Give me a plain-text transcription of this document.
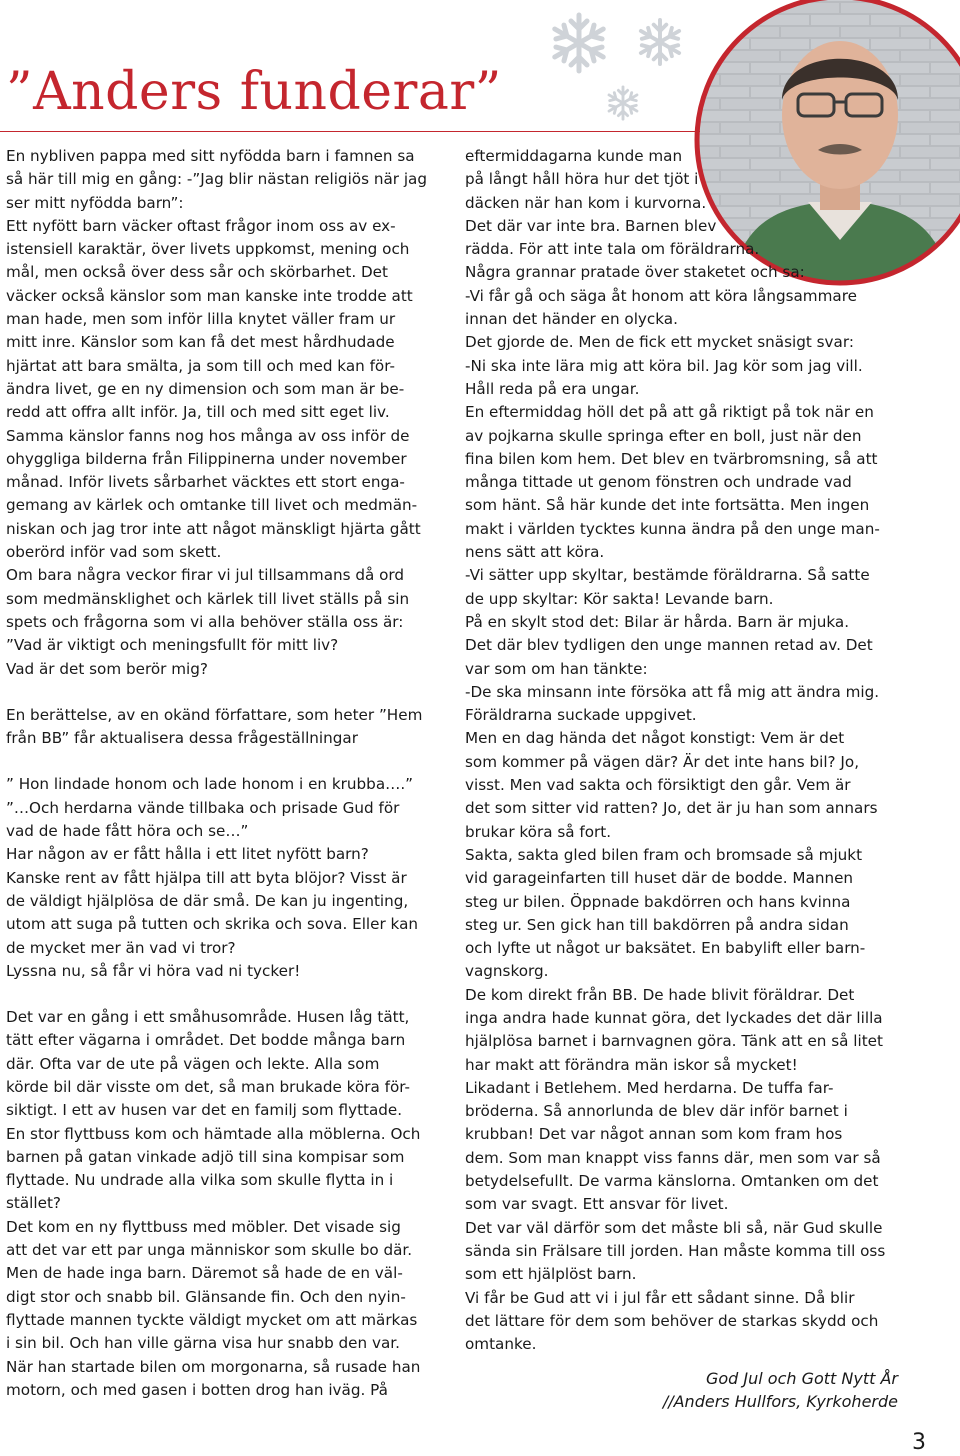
”Anders funderar”

En nybliven pappa med sitt nyfödda barn i famnen sa

så här till mig en gång: -”Jag blir nästan religiös när jag

ser mitt nyfödda barn”:

Ett nyfött barn väcker oftast frågor inom oss av ex-

istensiell karaktär, över livets uppkomst, mening och

mål, men också över dess sår och skörbarhet. Det

väcker också känslor som man kanske inte trodde att

man hade, men som inför lilla knytet väller fram ur

mitt inre. Känslor som kan få det mest hårdhudade

hjärtat att bara smälta, ja som till och med kan för-

ändra livet, ge en ny dimension och som man är be-

redd att offra allt inför. Ja, till och med sitt eget liv.

Samma känslor fanns nog hos många av oss inför de

ohyggliga bilderna från Filippinerna under november

månad. Inför livets sårbarhet väcktes ett stort enga-

gemang av kärlek och omtanke till livet och medmän-

niskan och jag tror inte att något mänskligt hjärta gått

oberörd inför vad som skett.

Om bara några veckor firar vi jul tillsammans då ord

som medmänsklighet och kärlek till livet ställs på sin

spets och frågorna som vi alla behöver ställa oss är:

”Vad är viktigt och meningsfullt för mitt liv?

Vad är det som berör mig?

En berättelse, av en okänd författare, som heter ”Hem

från BB” får aktualisera dessa frågeställningar

” Hon lindade honom och lade honom i en krubba….”

”…Och herdarna vände tillbaka och prisade Gud för

vad de hade fått höra och se…”

Har någon av er fått hålla i ett litet nyfött barn?

Kanske rent av fått hjälpa till att byta blöjor? Visst är

de väldigt hjälplösa de där små. De kan ju ingenting,

utom att suga på tutten och skrika och sova. Eller kan

de mycket mer än vad vi tror?

Lyssna nu, så får vi höra vad ni tycker!

Det var en gång i ett småhusområde. Husen låg tätt,

tätt efter vägarna i området. Det bodde många barn

där. Ofta var de ute på vägen och lekte. Alla som

körde bil där visste om det, så man brukade köra för-

siktigt. I ett av husen var det en familj som flyttade.

En stor flyttbuss kom och hämtade alla möblerna. Och

barnen på gatan vinkade adjö till sina kompisar som

flyttade. Nu undrade alla vilka som skulle flytta in i

stället?

Det kom en ny flyttbuss med möbler. Det visade sig

att det var ett par unga människor som skulle bo där.

Men de hade inga barn. Däremot så hade de en väl-

digt stor och snabb bil. Glänsande fin. Och den nyin-

flyttade mannen tyckte väldigt mycket om att märkas

i sin bil. Och han ville gärna visa hur snabb den var.

När han startade bilen om morgonarna, så rusade han

motorn, och med gasen i botten drog han iväg. På

eftermiddagarna kunde man

på långt håll höra hur det tjöt i

däcken när han kom i kurvorna.

Det där var inte bra. Barnen blev

rädda. För att inte tala om föräldrarna.

Några grannar pratade över staketet och sa:

-Vi får gå och säga åt honom att köra långsammare

innan det händer en olycka.

Det gjorde de. Men de fick ett mycket snäsigt svar:

-Ni ska inte lära mig att köra bil. Jag kör som jag vill.

Håll reda på era ungar.

En eftermiddag höll det på att gå riktigt på tok när en

av pojkarna skulle springa efter en boll, just när den

fina bilen kom hem. Det blev en tvärbromsning, så att

många tittade ut genom fönstren och undrade vad

som hänt. Så här kunde det inte fortsätta. Men ingen

makt i världen tycktes kunna ändra på den unge man-

nens sätt att köra.

-Vi sätter upp skyltar, bestämde föräldrarna. Så satte

de upp skyltar: Kör sakta! Levande barn.

På en skylt stod det: Bilar är hårda. Barn är mjuka.

Det där blev tydligen den unge mannen retad av. Det

var som om han tänkte:

-De ska minsann inte försöka att få mig att ändra mig.

Föräldrarna suckade uppgivet.

Men en dag hända det något konstigt: Vem är det

som kommer på vägen där? Är det inte hans bil? Jo,

visst. Men vad sakta och försiktigt den går. Vem är

det som sitter vid ratten? Jo, det är ju han som annars

brukar köra så fort.

Sakta, sakta gled bilen fram och bromsade så mjukt

vid garageinfarten till huset där de bodde. Mannen

steg ur bilen. Öppnade bakdörren och hans kvinna

steg ur. Sen gick han till bakdörren på andra sidan

och lyfte ut något ur baksätet. En babylift eller barn-

vagnskorg.

De kom direkt från BB. De hade blivit föräldrar. Det

inga andra hade kunnat göra, det lyckades det där lilla

hjälplösa barnet i barnvagnen göra. Tänk att en så litet

har makt att förändra män iskor så mycket!

Likadant i Betlehem. Med herdarna. De tuffa far-

bröderna. Så annorlunda de blev där inför barnet i

krubban! Det var något annan som kom fram hos

dem. Som man knappt viss fanns där, men som var så

betydelsefullt. De varma känslorna. Omtanken om det

som var svagt. Ett ansvar för livet.

Det var väl därför som det måste bli så, när Gud skulle

sända sin Frälsare till jorden. Han måste komma till oss

som ett hjälplöst barn.

Vi får be Gud att vi i jul får ett sådant sinne. Då blir

det lättare för dem som behöver de starkas skydd och

omtanke.

God Jul och Gott Nytt År
//Anders Hullfors, Kyrkoherde
3
